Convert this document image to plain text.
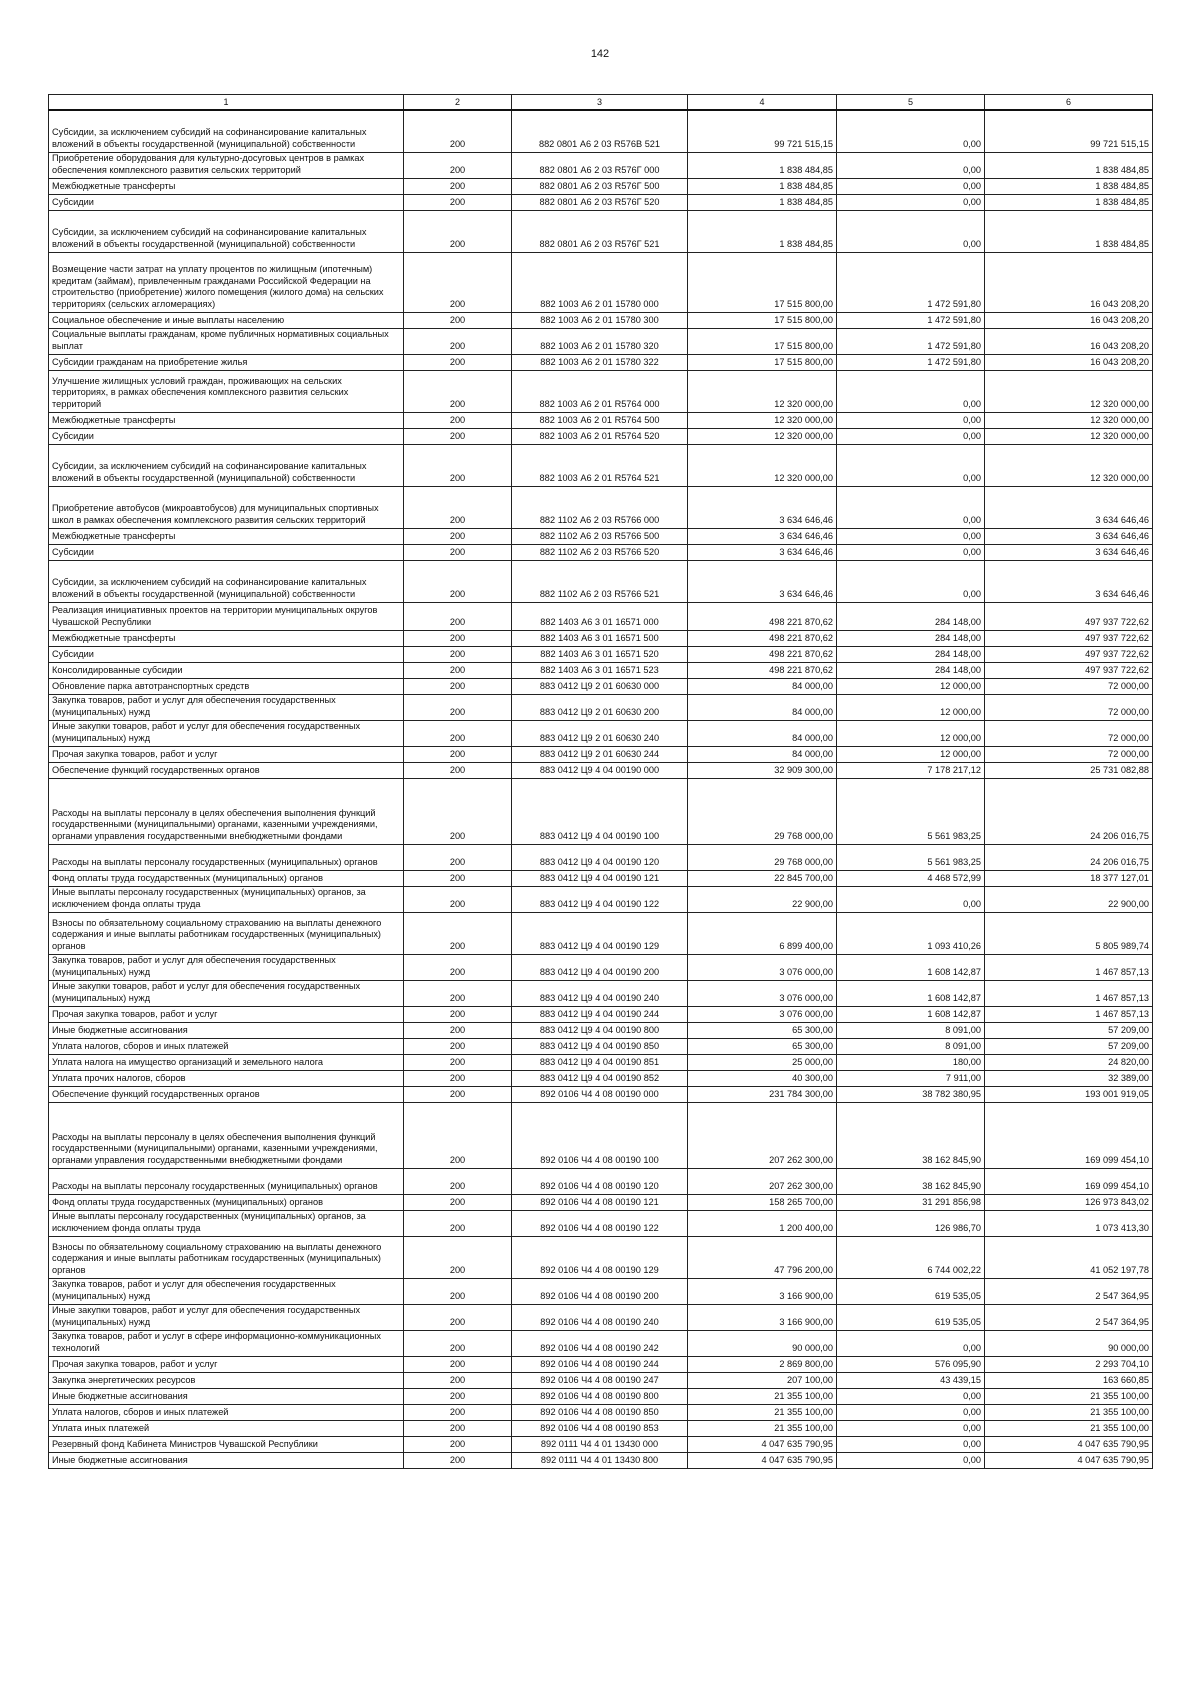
142
1	2	3	4	5	6
Субсидии, за исключением субсидий на софинансирование капитальных вложений в объекты государственной (муниципальной) собственности	200	882 0801 А6 2 03 R576В 521	99 721 515,15	0,00	99 721 515,15
Приобретение оборудования для культурно-досуговых центров в рамках обеспечения комплексного развития сельских территорий	200	882 0801 А6 2 03 R576Г 000	1 838 484,85	0,00	1 838 484,85
Межбюджетные трансферты	200	882 0801 А6 2 03 R576Г 500	1 838 484,85	0,00	1 838 484,85
Субсидии	200	882 0801 А6 2 03 R576Г 520	1 838 484,85	0,00	1 838 484,85
Субсидии, за исключением субсидий на софинансирование капитальных вложений в объекты государственной (муниципальной) собственности	200	882 0801 А6 2 03 R576Г 521	1 838 484,85	0,00	1 838 484,85
Возмещение части затрат на уплату процентов по жилищным (ипотечным) кредитам (займам), привлеченным гражданами Российской Федерации на строительство (приобретение) жилого помещения (жилого дома) на сельских территориях (сельских агломерациях)	200	882 1003 А6 2 01 15780 000	17 515 800,00	1 472 591,80	16 043 208,20
Социальное обеспечение и иные выплаты населению	200	882 1003 А6 2 01 15780 300	17 515 800,00	1 472 591,80	16 043 208,20
Социальные выплаты гражданам, кроме публичных нормативных социальных выплат	200	882 1003 А6 2 01 15780 320	17 515 800,00	1 472 591,80	16 043 208,20
Субсидии гражданам на приобретение жилья	200	882 1003 А6 2 01 15780 322	17 515 800,00	1 472 591,80	16 043 208,20
Улучшение жилищных условий граждан, проживающих на сельских территориях, в рамках обеспечения комплексного развития сельских территорий	200	882 1003 А6 2 01 R5764 000	12 320 000,00	0,00	12 320 000,00
Межбюджетные трансферты	200	882 1003 А6 2 01 R5764 500	12 320 000,00	0,00	12 320 000,00
Субсидии	200	882 1003 А6 2 01 R5764 520	12 320 000,00	0,00	12 320 000,00
Субсидии, за исключением субсидий на софинансирование капитальных вложений в объекты государственной (муниципальной) собственности	200	882 1003 А6 2 01 R5764 521	12 320 000,00	0,00	12 320 000,00
Приобретение автобусов (микроавтобусов) для муниципальных спортивных школ в рамках обеспечения комплексного развития сельских территорий	200	882 1102 А6 2 03 R5766 000	3 634 646,46	0,00	3 634 646,46
Межбюджетные трансферты	200	882 1102 А6 2 03 R5766 500	3 634 646,46	0,00	3 634 646,46
Субсидии	200	882 1102 А6 2 03 R5766 520	3 634 646,46	0,00	3 634 646,46
Субсидии, за исключением субсидий на софинансирование капитальных вложений в объекты государственной (муниципальной) собственности	200	882 1102 А6 2 03 R5766 521	3 634 646,46	0,00	3 634 646,46
Реализация инициативных проектов на территории муниципальных округов Чувашской Республики	200	882 1403 А6 3 01 16571 000	498 221 870,62	284 148,00	497 937 722,62
Межбюджетные трансферты	200	882 1403 А6 3 01 16571 500	498 221 870,62	284 148,00	497 937 722,62
Субсидии	200	882 1403 А6 3 01 16571 520	498 221 870,62	284 148,00	497 937 722,62
Консолидированные субсидии	200	882 1403 А6 3 01 16571 523	498 221 870,62	284 148,00	497 937 722,62
Обновление парка автотранспортных средств	200	883 0412 Ц9 2 01 60630 000	84 000,00	12 000,00	72 000,00
Закупка товаров, работ и услуг для обеспечения государственных (муниципальных) нужд	200	883 0412 Ц9 2 01 60630 200	84 000,00	12 000,00	72 000,00
Иные закупки товаров, работ и услуг для обеспечения государственных (муниципальных) нужд	200	883 0412 Ц9 2 01 60630 240	84 000,00	12 000,00	72 000,00
Прочая закупка товаров, работ и услуг	200	883 0412 Ц9 2 01 60630 244	84 000,00	12 000,00	72 000,00
Обеспечение функций государственных органов	200	883 0412 Ц9 4 04 00190 000	32 909 300,00	7 178 217,12	25 731 082,88
Расходы на выплаты персоналу в целях обеспечения выполнения функций государственными (муниципальными) органами, казенными учреждениями, органами управления государственными внебюджетными фондами	200	883 0412 Ц9 4 04 00190 100	29 768 000,00	5 561 983,25	24 206 016,75
Расходы на выплаты персоналу государственных (муниципальных) органов	200	883 0412 Ц9 4 04 00190 120	29 768 000,00	5 561 983,25	24 206 016,75
Фонд оплаты труда государственных (муниципальных) органов	200	883 0412 Ц9 4 04 00190 121	22 845 700,00	4 468 572,99	18 377 127,01
Иные выплаты персоналу государственных (муниципальных) органов, за исключением фонда оплаты труда	200	883 0412 Ц9 4 04 00190 122	22 900,00	0,00	22 900,00
Взносы по обязательному социальному страхованию на выплаты денежного содержания и иные выплаты работникам государственных (муниципальных) органов	200	883 0412 Ц9 4 04 00190 129	6 899 400,00	1 093 410,26	5 805 989,74
Закупка товаров, работ и услуг для обеспечения государственных (муниципальных) нужд	200	883 0412 Ц9 4 04 00190 200	3 076 000,00	1 608 142,87	1 467 857,13
Иные закупки товаров, работ и услуг для обеспечения государственных (муниципальных) нужд	200	883 0412 Ц9 4 04 00190 240	3 076 000,00	1 608 142,87	1 467 857,13
Прочая закупка товаров, работ и услуг	200	883 0412 Ц9 4 04 00190 244	3 076 000,00	1 608 142,87	1 467 857,13
Иные бюджетные ассигнования	200	883 0412 Ц9 4 04 00190 800	65 300,00	8 091,00	57 209,00
Уплата налогов, сборов и иных платежей	200	883 0412 Ц9 4 04 00190 850	65 300,00	8 091,00	57 209,00
Уплата налога на имущество организаций и земельного налога	200	883 0412 Ц9 4 04 00190 851	25 000,00	180,00	24 820,00
Уплата прочих налогов, сборов	200	883 0412 Ц9 4 04 00190 852	40 300,00	7 911,00	32 389,00
Обеспечение функций государственных органов	200	892 0106 Ч4 4 08 00190 000	231 784 300,00	38 782 380,95	193 001 919,05
Расходы на выплаты персоналу в целях обеспечения выполнения функций государственными (муниципальными) органами, казенными учреждениями, органами управления государственными внебюджетными фондами	200	892 0106 Ч4 4 08 00190 100	207 262 300,00	38 162 845,90	169 099 454,10
Расходы на выплаты персоналу государственных (муниципальных) органов	200	892 0106 Ч4 4 08 00190 120	207 262 300,00	38 162 845,90	169 099 454,10
Фонд оплаты труда государственных (муниципальных) органов	200	892 0106 Ч4 4 08 00190 121	158 265 700,00	31 291 856,98	126 973 843,02
Иные выплаты персоналу государственных (муниципальных) органов, за исключением фонда оплаты труда	200	892 0106 Ч4 4 08 00190 122	1 200 400,00	126 986,70	1 073 413,30
Взносы по обязательному социальному страхованию на выплаты денежного содержания и иные выплаты работникам государственных (муниципальных) органов	200	892 0106 Ч4 4 08 00190 129	47 796 200,00	6 744 002,22	41 052 197,78
Закупка товаров, работ и услуг для обеспечения государственных (муниципальных) нужд	200	892 0106 Ч4 4 08 00190 200	3 166 900,00	619 535,05	2 547 364,95
Иные закупки товаров, работ и услуг для обеспечения государственных (муниципальных) нужд	200	892 0106 Ч4 4 08 00190 240	3 166 900,00	619 535,05	2 547 364,95
Закупка товаров, работ и услуг в сфере информационно-коммуникационных технологий	200	892 0106 Ч4 4 08 00190 242	90 000,00	0,00	90 000,00
Прочая закупка товаров, работ и услуг	200	892 0106 Ч4 4 08 00190 244	2 869 800,00	576 095,90	2 293 704,10
Закупка энергетических ресурсов	200	892 0106 Ч4 4 08 00190 247	207 100,00	43 439,15	163 660,85
Иные бюджетные ассигнования	200	892 0106 Ч4 4 08 00190 800	21 355 100,00	0,00	21 355 100,00
Уплата налогов, сборов и иных платежей	200	892 0106 Ч4 4 08 00190 850	21 355 100,00	0,00	21 355 100,00
Уплата иных платежей	200	892 0106 Ч4 4 08 00190 853	21 355 100,00	0,00	21 355 100,00
Резервный фонд Кабинета Министров Чувашской Республики	200	892 0111 Ч4 4 01 13430 000	4 047 635 790,95	0,00	4 047 635 790,95
Иные бюджетные ассигнования	200	892 0111 Ч4 4 01 13430 800	4 047 635 790,95	0,00	4 047 635 790,95
